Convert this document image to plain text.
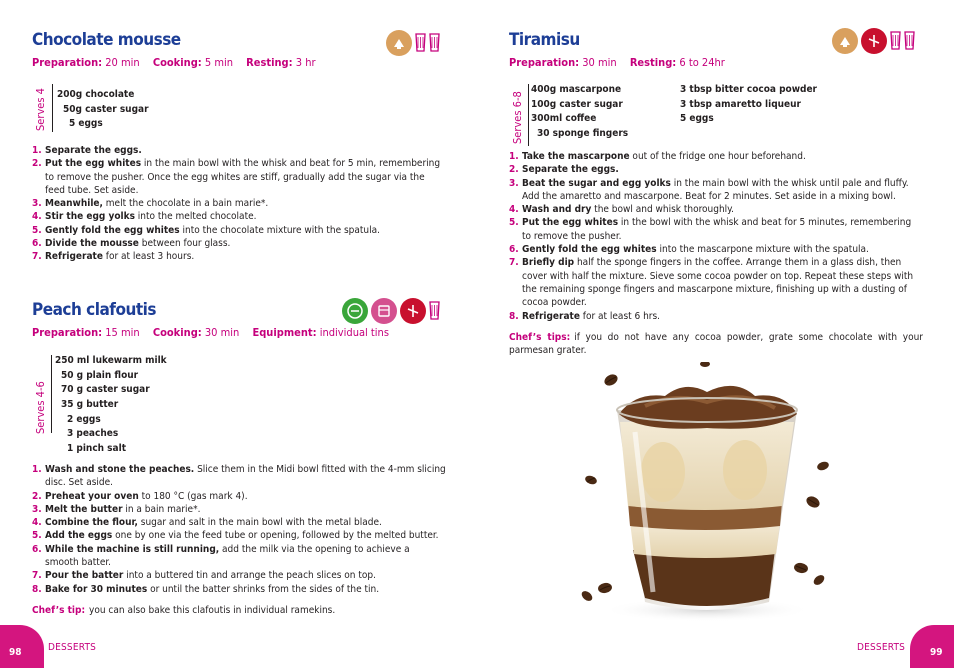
Chocolate mousse
Preparation: 20 min Cooking: 5 min Resting: 3 hr
Serves 4 200g chocolate
50g caster sugar
5 eggs
1. Separate the eggs.
2. Put the egg whites in the main bowl with the whisk and beat for 5 min, remembering to remove the pusher. Once the egg whites are stiff, gradually add the sugar via the feed tube. Set aside.
3. Meanwhile, melt the chocolate in a bain marie*.
4. Stir the egg yolks into the melted chocolate.
5. Gently fold the egg whites into the chocolate mixture with the spatula.
6. Divide the mousse between four glass.
7. Refrigerate for at least 3 hours.
Peach clafoutis
Preparation: 15 min Cooking: 30 min Equipment: individual tins
Serves 4-6
250 ml lukewarm milk
50 g plain flour
70 g caster sugar
35 g butter
2 eggs
3 peaches
1 pinch salt
1. Wash and stone the peaches. Slice them in the Midi bowl fitted with the 4-mm slicing disc. Set aside.
2. Preheat your oven to 180 °C (gas mark 4).
3. Melt the butter in a bain marie*.
4. Combine the flour, sugar and salt in the main bowl with the metal blade.
5. Add the eggs one by one via the feed tube or opening, followed by the melted butter.
6. While the machine is still running, add the milk via the opening to achieve a smooth batter.
7. Pour the batter into a buttered tin and arrange the peach slices on top.
8. Bake for 30 minutes or until the batter shrinks from the sides of the tin.
Chef’s tip: you can also bake this clafoutis in individual ramekins.
98	DESSERTS
Tiramisu
Preparation: 30 min Resting: 6 to 24hr
Serves 6-8
400g mascarpone
100g caster sugar
300ml coffee
30 sponge fingers
3 tbsp bitter cocoa powder
3 tbsp amaretto liqueur
5 eggs
1. Take the mascarpone out of the fridge one hour beforehand.
2. Separate the eggs.
3. Beat the sugar and egg yolks in the main bowl with the whisk until pale and fluffy. Add the amaretto and mascarpone. Beat for 2 minutes. Set aside in a mixing bowl.
4. Wash and dry the bowl and whisk thoroughly.
5. Put the egg whites in the bowl with the whisk and beat for 5 minutes, remembering to remove the pusher.
6. Gently fold the egg whites into the mascarpone mixture with the spatula.
7. Briefly dip half the sponge fingers in the coffee. Arrange them in a glass dish, then cover with half the mixture. Sieve some cocoa powder on top. Repeat these steps with the remaining sponge fingers and mascarpone mixture, finishing up with a dusting of cocoa powder.
8. Refrigerate for at least 6 hrs.
Chef’s tips: if you do not have any cocoa powder, grate some chocolate with your parmesan grater.
DESSERTS 99
